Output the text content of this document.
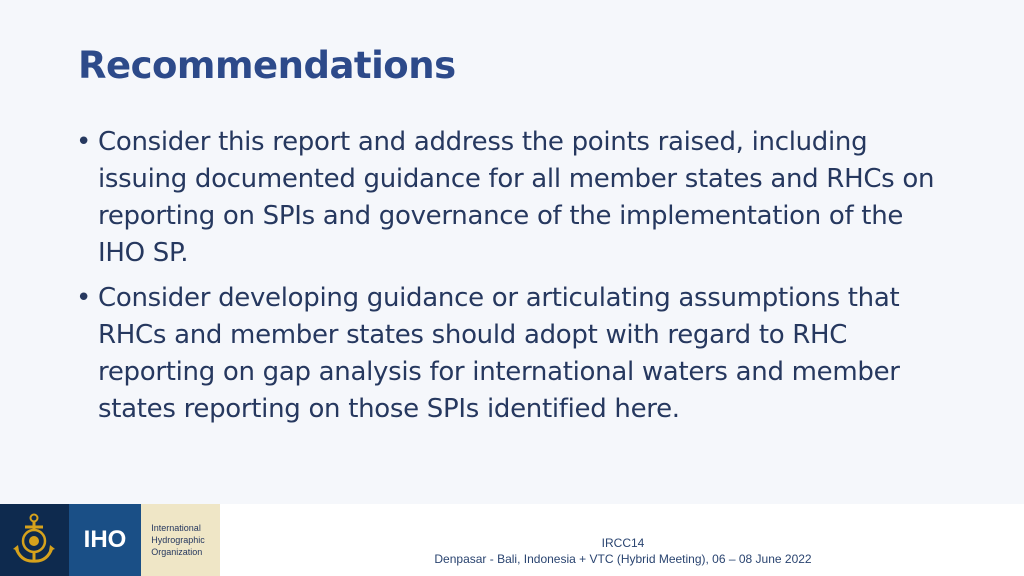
Recommendations
• Consider this report and address the points raised, including issuing documented guidance for all member states and RHCs on reporting on SPIs and governance of the implementation of the IHO SP.
• Consider developing guidance or articulating assumptions that RHCs and member states should adopt with regard to RHC reporting on gap analysis for international waters and member states reporting on those SPIs identified here.
IHO	International
Hydrographic
Organization
IRCC14
Denpasar - Bali, Indonesia + VTC (Hybrid Meeting), 06 – 08 June 2022
